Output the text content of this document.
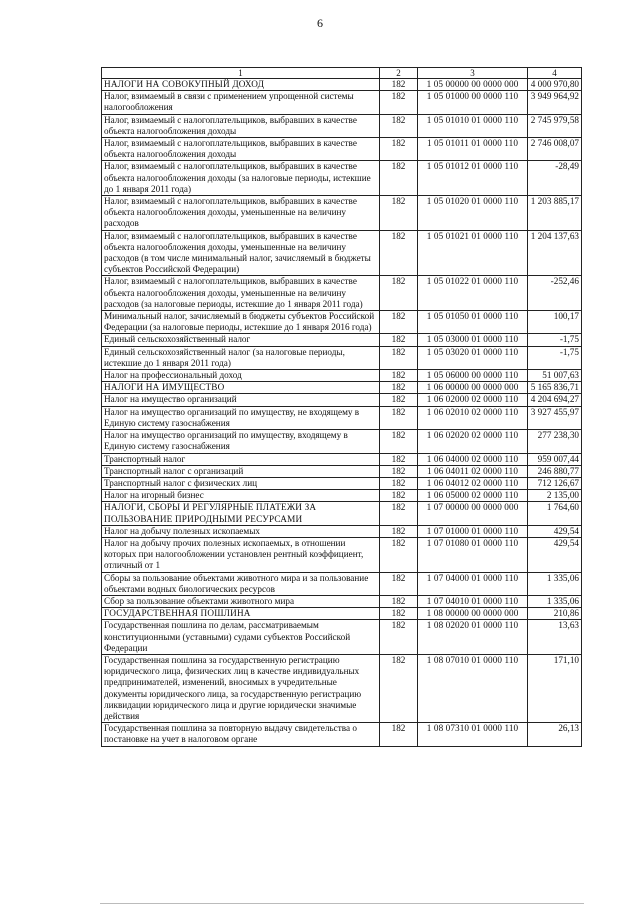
6
1	2	3	4
НАЛОГИ НА СОВОКУПНЫЙ ДОХОД	182	1 05 00000 00 0000 000	4 000 970,80
Налог, взимаемый в связи с применением упрощенной системы налогообложения	182	1 05 01000 00 0000 110	3 949 964,92
Налог, взимаемый с налогоплательщиков, выбравших в качестве объекта налогообложения доходы	182	1 05 01010 01 0000 110	2 745 979,58
Налог, взимаемый с налогоплательщиков, выбравших в качестве объекта налогообложения доходы	182	1 05 01011 01 0000 110	2 746 008,07
Налог, взимаемый с налогоплательщиков, выбравших в качестве объекта налогообложения доходы (за налоговые периоды, истекшие до 1 января 2011 года)	182	1 05 01012 01 0000 110	-28,49
Налог, взимаемый с налогоплательщиков, выбравших в качестве объекта налогообложения доходы, уменьшенные на величину расходов	182	1 05 01020 01 0000 110	1 203 885,17
Налог, взимаемый с налогоплательщиков, выбравших в качестве объекта налогообложения доходы, уменьшенные на величину расходов (в том числе минимальный налог, зачисляемый в бюджеты субъектов Российской Федерации)	182	1 05 01021 01 0000 110	1 204 137,63
Налог, взимаемый с налогоплательщиков, выбравших в качестве объекта налогообложения доходы, уменьшенные на величину расходов (за налоговые периоды, истекшие до 1 января 2011 года)	182	1 05 01022 01 0000 110	-252,46
Минимальный налог, зачисляемый в бюджеты субъектов Российской Федерации (за налоговые периоды, истекшие до 1 января 2016 года)	182	1 05 01050 01 0000 110	100,17
Единый сельскохозяйственный налог	182	1 05 03000 01 0000 110	-1,75
Единый сельскохозяйственный налог (за налоговые периоды, истекшие до 1 января 2011 года)	182	1 05 03020 01 0000 110	-1,75
Налог на профессиональный доход	182	1 05 06000 00 0000 110	51 007,63
НАЛОГИ НА ИМУЩЕСТВО	182	1 06 00000 00 0000 000	5 165 836,71
Налог на имущество организаций	182	1 06 02000 02 0000 110	4 204 694,27
Налог на имущество организаций по имуществу, не входящему в Единую систему газоснабжения	182	1 06 02010 02 0000 110	3 927 455,97
Налог на имущество организаций по имуществу, входящему в Единую систему газоснабжения	182	1 06 02020 02 0000 110	277 238,30
Транспортный налог	182	1 06 04000 02 0000 110	959 007,44
Транспортный налог с организаций	182	1 06 04011 02 0000 110	246 880,77
Транспортный налог с физических лиц	182	1 06 04012 02 0000 110	712 126,67
Налог на игорный бизнес	182	1 06 05000 02 0000 110	2 135,00
НАЛОГИ, СБОРЫ И РЕГУЛЯРНЫЕ ПЛАТЕЖИ ЗА ПОЛЬЗОВАНИЕ ПРИРОДНЫМИ РЕСУРСАМИ	182	1 07 00000 00 0000 000	1 764,60
Налог на добычу полезных ископаемых	182	1 07 01000 01 0000 110	429,54
Налог на добычу прочих полезных ископаемых, в отношении которых при налогообложении установлен рентный коэффициент, отличный от 1	182	1 07 01080 01 0000 110	429,54
Сборы за пользование объектами животного мира и за пользование объектами водных биологических ресурсов	182	1 07 04000 01 0000 110	1 335,06
Сбор за пользование объектами животного мира	182	1 07 04010 01 0000 110	1 335,06
ГОСУДАРСТВЕННАЯ ПОШЛИНА	182	1 08 00000 00 0000 000	210,86
Государственная пошлина по делам, рассматриваемым конституционными (уставными) судами субъектов Российской Федерации	182	1 08 02020 01 0000 110	13,63
Государственная пошлина за государственную регистрацию юридического лица, физических лиц в качестве индивидуальных предпринимателей, изменений, вносимых в учредительные документы юридического лица, за государственную регистрацию ликвидации юридического лица и другие юридически значимые действия	182	1 08 07010 01 0000 110	171,10
Государственная пошлина за повторную выдачу свидетельства о постановке на учет в налоговом органе	182	1 08 07310 01 0000 110	26,13
